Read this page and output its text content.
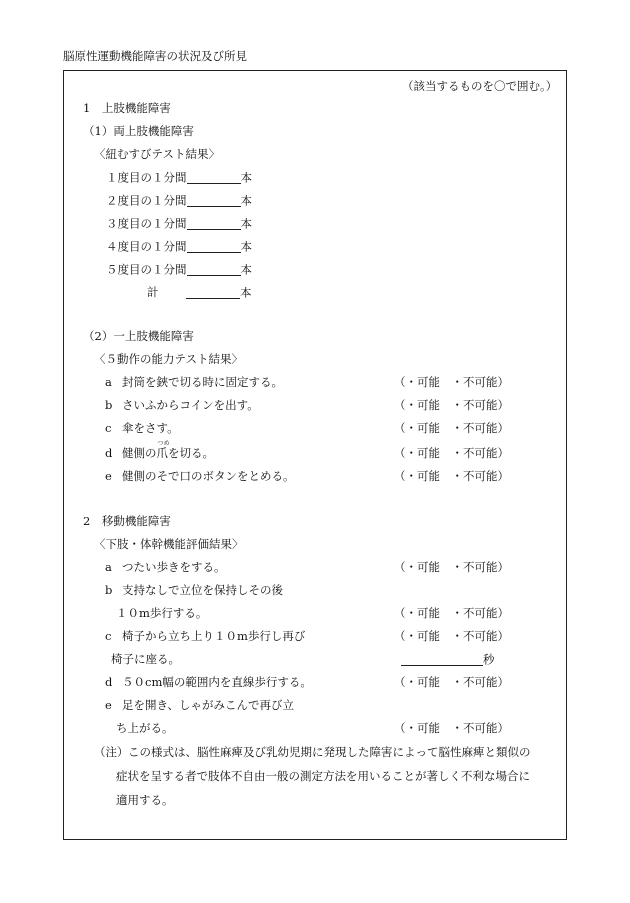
脳原性運動機能障害の状況及び所見
（該当するものを〇で囲む。）
1　上肢機能障害
（1）両上肢機能障害
〈紐むすびテスト結果〉
１度目の１分間	本
２度目の１分間	本
３度目の１分間	本
４度目の１分間	本
５度目の１分間	本
計	本
（2）一上肢機能障害
〈５動作の能力テスト結果〉
a 封筒を鋏で切る時に固定する。	（・可能　・不可能）
b さいふからコインを出す。	（・可能　・不可能）
c 傘をさす。	（・可能　・不可能）
d 健側の
つめ
爪を切る。	（・可能　・不可能）
e 健側のそで口のボタンをとめる。	（・可能　・不可能）
2　移動機能障害
〈下肢・体幹機能評価結果〉
a つたい歩きをする。	（・可能　・不可能）
b 支持なしで立位を保持しその後
１０m歩行する。	（・可能　・不可能）
c 椅子から立ち上り１０m歩行し再び	（・可能　・不可能）
椅子に座る。	秒
d ５０cm幅の範囲内を直線歩行する。	（・可能　・不可能）
e 足を開き、しゃがみこんで再び立
ち上がる。	（・可能　・不可能）
（注） この様式は、脳性麻痺及び乳幼児期に発現した障害によって脳性麻痺と類似の
症状を呈する者で肢体不自由一般の測定方法を用いることが著しく不利な場合に
適用する。
